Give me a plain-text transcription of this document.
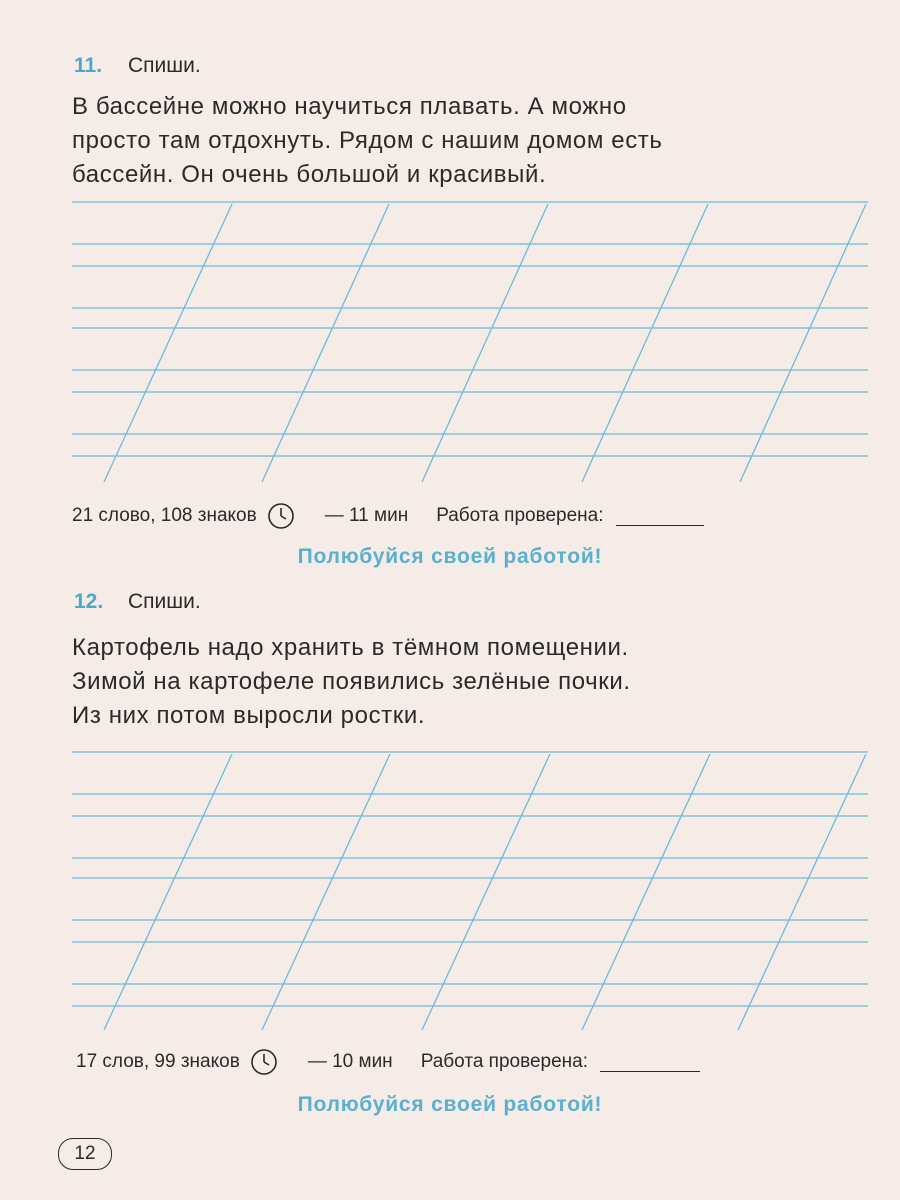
11. Спиши.
В бассейне можно научиться плавать. А можно
просто там отдохнуть. Рядом с нашим домом есть
бассейн. Он очень большой и красивый.
21 слово, 108 знаков	— 11 мин Работа проверена:
Полюбуйся своей работой!
12. Спиши.
Картофель надо хранить в тёмном помещении.
Зимой на картофеле появились зелёные почки.
Из них потом выросли ростки.
17 слов, 99 знаков	— 10 мин Работа проверена:
Полюбуйся своей работой!
12
